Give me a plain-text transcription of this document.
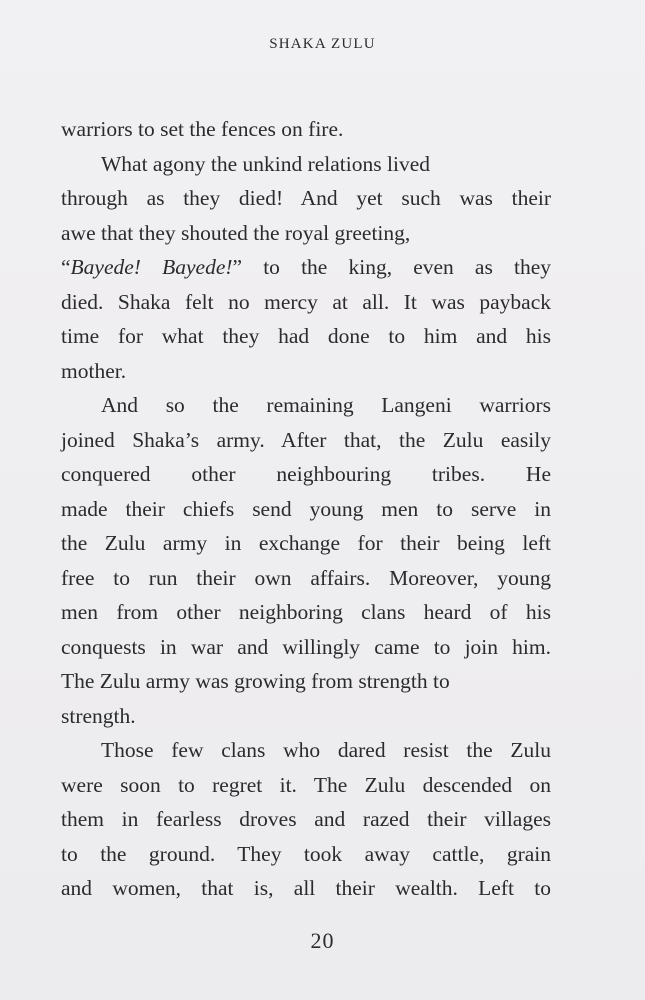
SHAKA ZULU
warriors to set the fences on fire.
What agony the unkind relations lived
through as they died! And yet such was their
awe that they shouted the royal greeting,
“Bayede! Bayede!” to the king, even as they
died. Shaka felt no mercy at all. It was payback
time for what they had done to him and his
mother.
And so the remaining Langeni warriors
joined Shaka’s army. After that, the Zulu easily
conquered other neighbouring tribes. He
made their chiefs send young men to serve in
the Zulu army in exchange for their being left
free to run their own affairs. Moreover, young
men from other neighboring clans heard of his
conquests in war and willingly came to join him.
The Zulu army was growing from strength to
strength.
Those few clans who dared resist the Zulu
were soon to regret it. The Zulu descended on
them in fearless droves and razed their villages
to the ground. They took away cattle, grain
and women, that is, all their wealth. Left to
20
